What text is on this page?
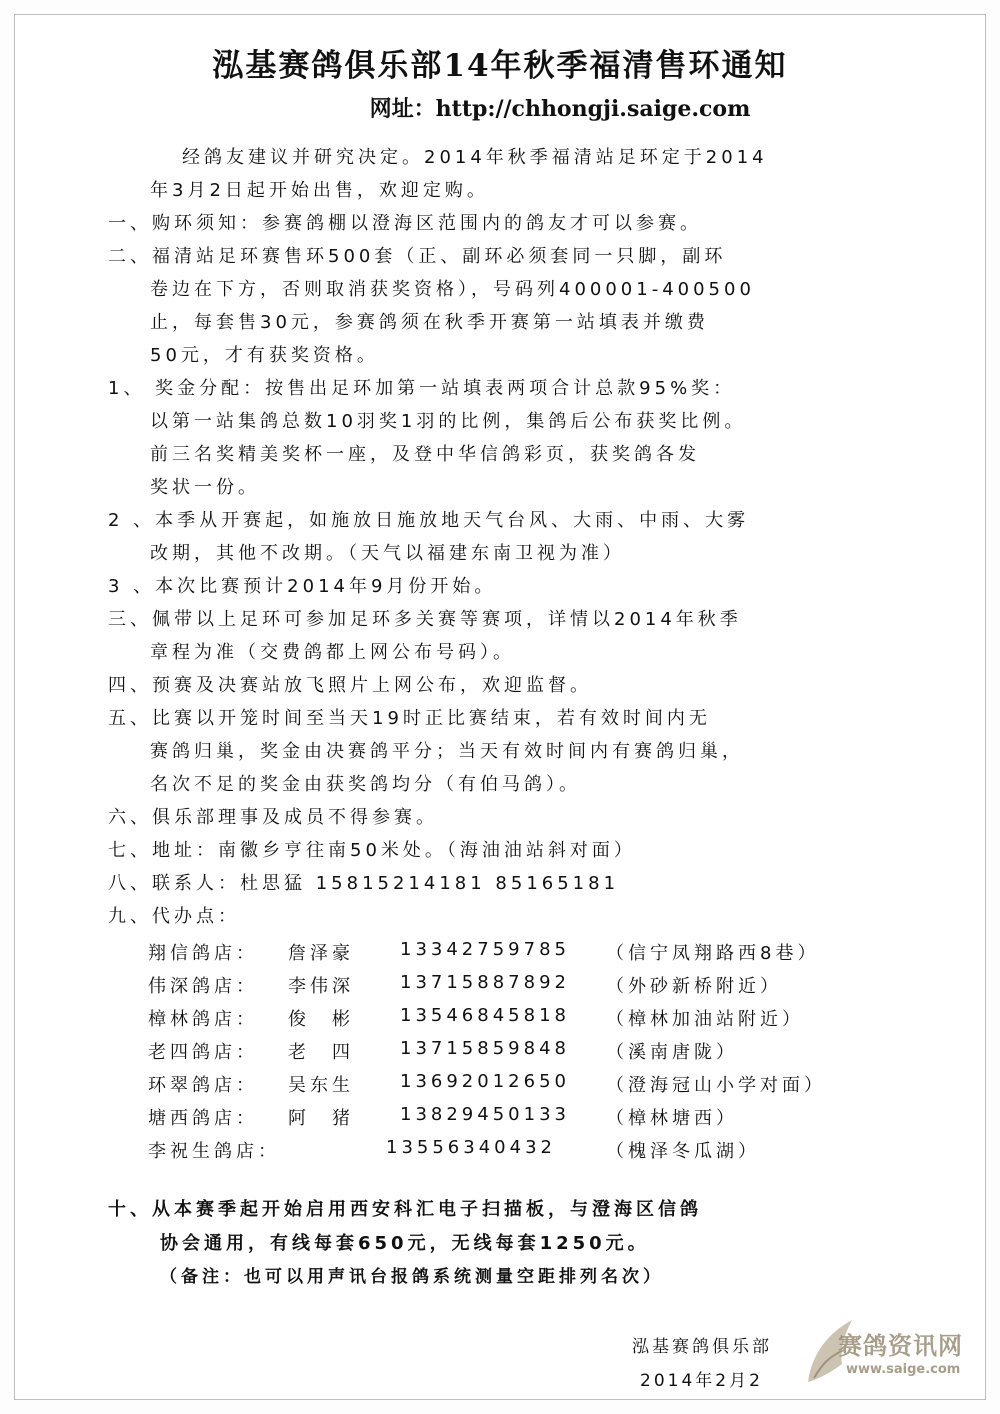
泓基赛鸽俱乐部14年秋季福清售环通知
网址：http://chhongji.saige.com
经鸽友建议并研究决定。2014年秋季福清站足环定于2014
年3月2日起开始出售，欢迎定购。
一、购环须知：参赛鸽棚以澄海区范围内的鸽友才可以参赛。
二、福清站足环赛售环500套（正、副环必须套同一只脚，副环
卷边在下方，否则取消获奖资格），号码列400001-400500
止，每套售30元，参赛鸽须在秋季开赛第一站填表并缴费
50元，才有获奖资格。
1、 奖金分配：按售出足环加第一站填表两项合计总款95%奖：
以第一站集鸽总数10羽奖1羽的比例，集鸽后公布获奖比例。
前三名奖精美奖杯一座，及登中华信鸽彩页，获奖鸽各发
奖状一份。
2 、本季从开赛起，如施放日施放地天气台风、大雨、中雨、大雾
改期，其他不改期。（天气以福建东南卫视为准）
3 、本次比赛预计2014年9月份开始。
三、佩带以上足环可参加足环多关赛等赛项，详情以2014年秋季
章程为准（交费鸽都上网公布号码）。
四、预赛及决赛站放飞照片上网公布，欢迎监督。
五、比赛以开笼时间至当天19时正比赛结束，若有效时间内无
赛鸽归巢，奖金由决赛鸽平分；当天有效时间内有赛鸽归巢，
名次不足的奖金由获奖鸽均分（有伯马鸽）。
六、俱乐部理事及成员不得参赛。
七、地址：南徽乡亨往南50米处。（海油油站斜对面）
八、联系人：杜思猛 15815214181 85165181
九、代办点：
翔信鸽店： 詹泽豪	13342759785 （信宁凤翔路西8巷）
伟深鸽店： 李伟深	13715887892 （外砂新桥附近）
樟林鸽店： 俊　彬	13546845818 （樟林加油站附近）
老四鸽店： 老　四	13715859848 （溪南唐陇）
环翠鸽店： 吴东生	13692012650 （澄海冠山小学对面）
塘西鸽店： 阿　猪	13829450133 （樟林塘西）
李祝生鸽店：	13556340432	（槐泽冬瓜湖）
十、从本赛季起开始启用西安科汇电子扫描板，与澄海区信鸽
协会通用，有线每套650元，无线每套1250元。
（备注：也可以用声讯台报鸽系统测量空距排列名次）
泓基赛鸽俱乐部
2014年2月2
赛鸽资讯网
www.saige.com
